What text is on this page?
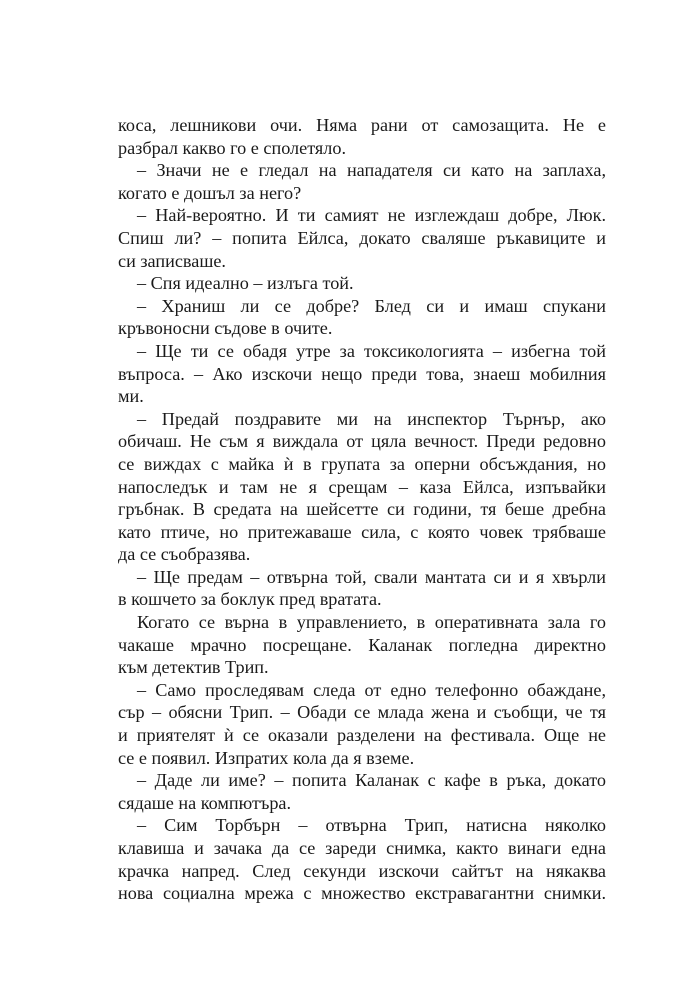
коса, лешникови очи. Няма рани от самозащита. Не е
разбрал какво го е сполетяло.
– Значи не е гледал на нападателя си като на заплаха,
когато е дошъл за него?
– Най-вероятно. И ти самият не изглеждаш добре, Люк.
Спиш ли? – попита Ейлса, докато сваляше ръкавиците и
си записваше.
– Спя идеално – излъга той.
– Храниш ли се добре? Блед си и имаш спукани
кръвоносни съдове в очите.
– Ще ти се обадя утре за токсикологията – избегна той
въпроса. – Ако изскочи нещо преди това, знаеш мобилния
ми.
– Предай поздравите ми на инспектор Търнър, ако
обичаш. Не съм я виждала от цяла вечност. Преди редовно
се виждах с майка ѝ в групата за оперни обсъждания, но
напоследък и там не я срещам – каза Ейлса, изпъвайки
гръбнак. В средата на шейсетте си години, тя беше дребна
като птиче, но притежаваше сила, с която човек трябваше
да се съобразява.
– Ще предам – отвърна той, свали мантата си и я хвърли
в кошчето за боклук пред вратата.
Когато се върна в управлението, в оперативната зала го
чакаше мрачно посрещане. Каланак погледна директно
към детектив Трип.
– Само проследявам следа от едно телефонно обаждане,
сър – обясни Трип. – Обади се млада жена и съобщи, че тя
и приятелят ѝ се оказали разделени на фестивала. Още не
се е появил. Изпратих кола да я вземе.
– Даде ли име? – попита Каланак с кафе в ръка, докато
сядаше на компютъра.
– Сим Торбърн – отвърна Трип, натисна няколко
клавиша и зачака да се зареди снимка, както винаги една
крачка напред. След секунди изскочи сайтът на някаква
нова социална мрежа с множество екстравагантни снимки.
